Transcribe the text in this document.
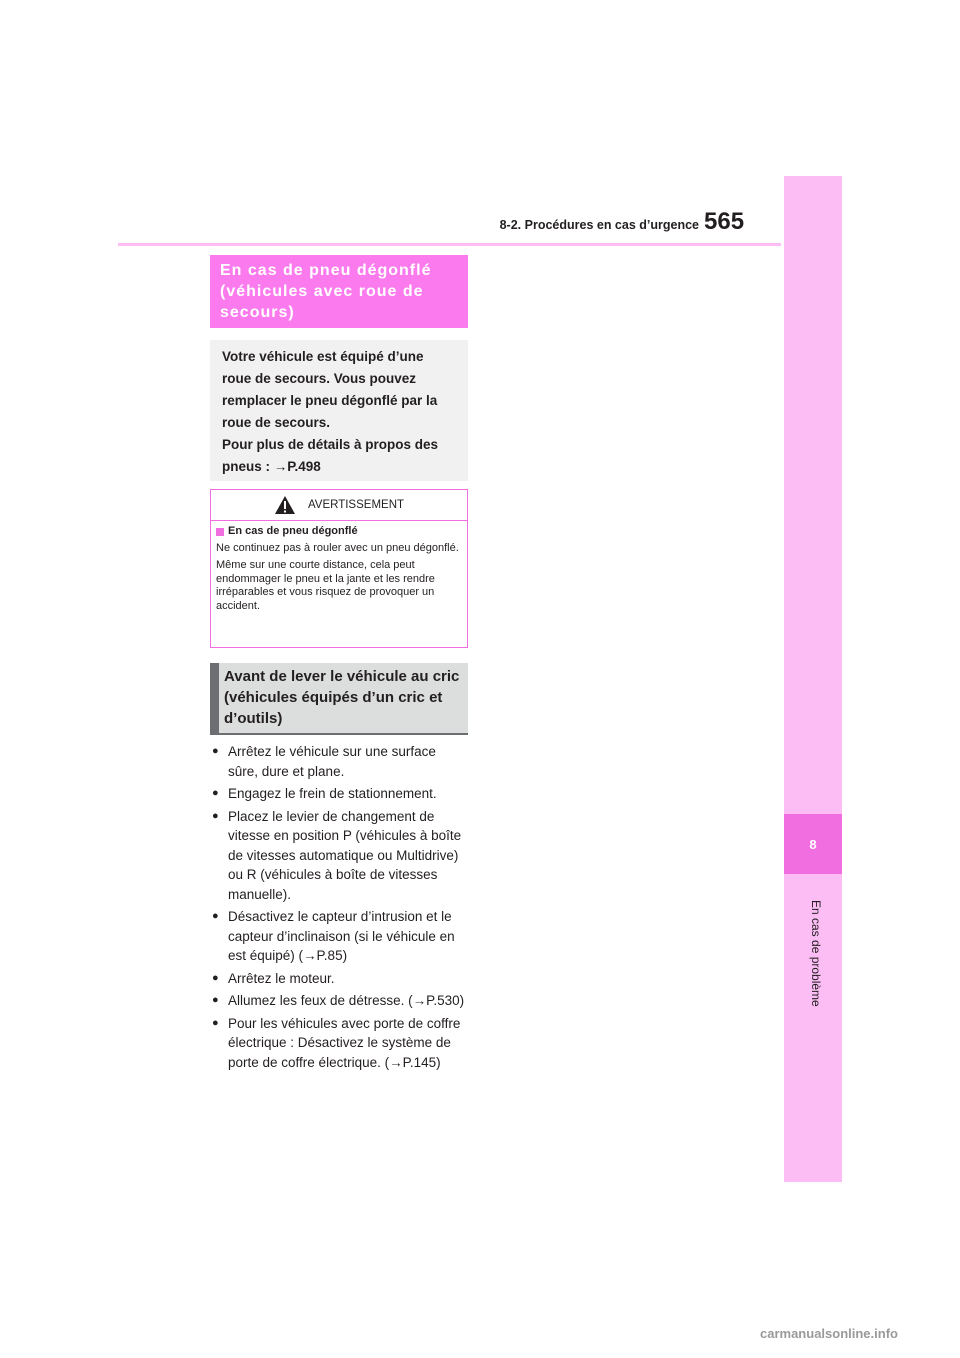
8
En cas de problème
8-2. Procédures en cas d’urgence 565
En cas de pneu dégonflé (véhicules avec roue de secours)
Votre véhicule est équipé d’une
roue de secours. Vous pouvez
remplacer le pneu dégonflé par la
roue de secours.
Pour plus de détails à propos des
pneus : →P.498
AVERTISSEMENT
En cas de pneu dégonflé

Ne continuez pas à rouler avec un pneu dégonflé.

Même sur une courte distance, cela peut endommager le pneu et la jante et les rendre irréparables et vous risquez de provoquer un accident.

Avant de lever le véhicule au cric (véhicules équipés d’un cric et d’outils)
● Arrêtez le véhicule sur une surface sûre, dure et plane.
● Engagez le frein de stationnement.
● Placez le levier de changement de vitesse en position P (véhicules à boîte de vitesses automatique ou Multidrive) ou R (véhicules à boîte de vitesses manuelle).
● Désactivez le capteur d’intrusion et le capteur d’inclinaison (si le véhicule en est équipé) (→P.85)
● Arrêtez le moteur.
● Allumez les feux de détresse. (→P.530)
● Pour les véhicules avec porte de coffre électrique : Désactivez le système de porte de coffre électrique. (→P.145)
carmanualsonline.info
